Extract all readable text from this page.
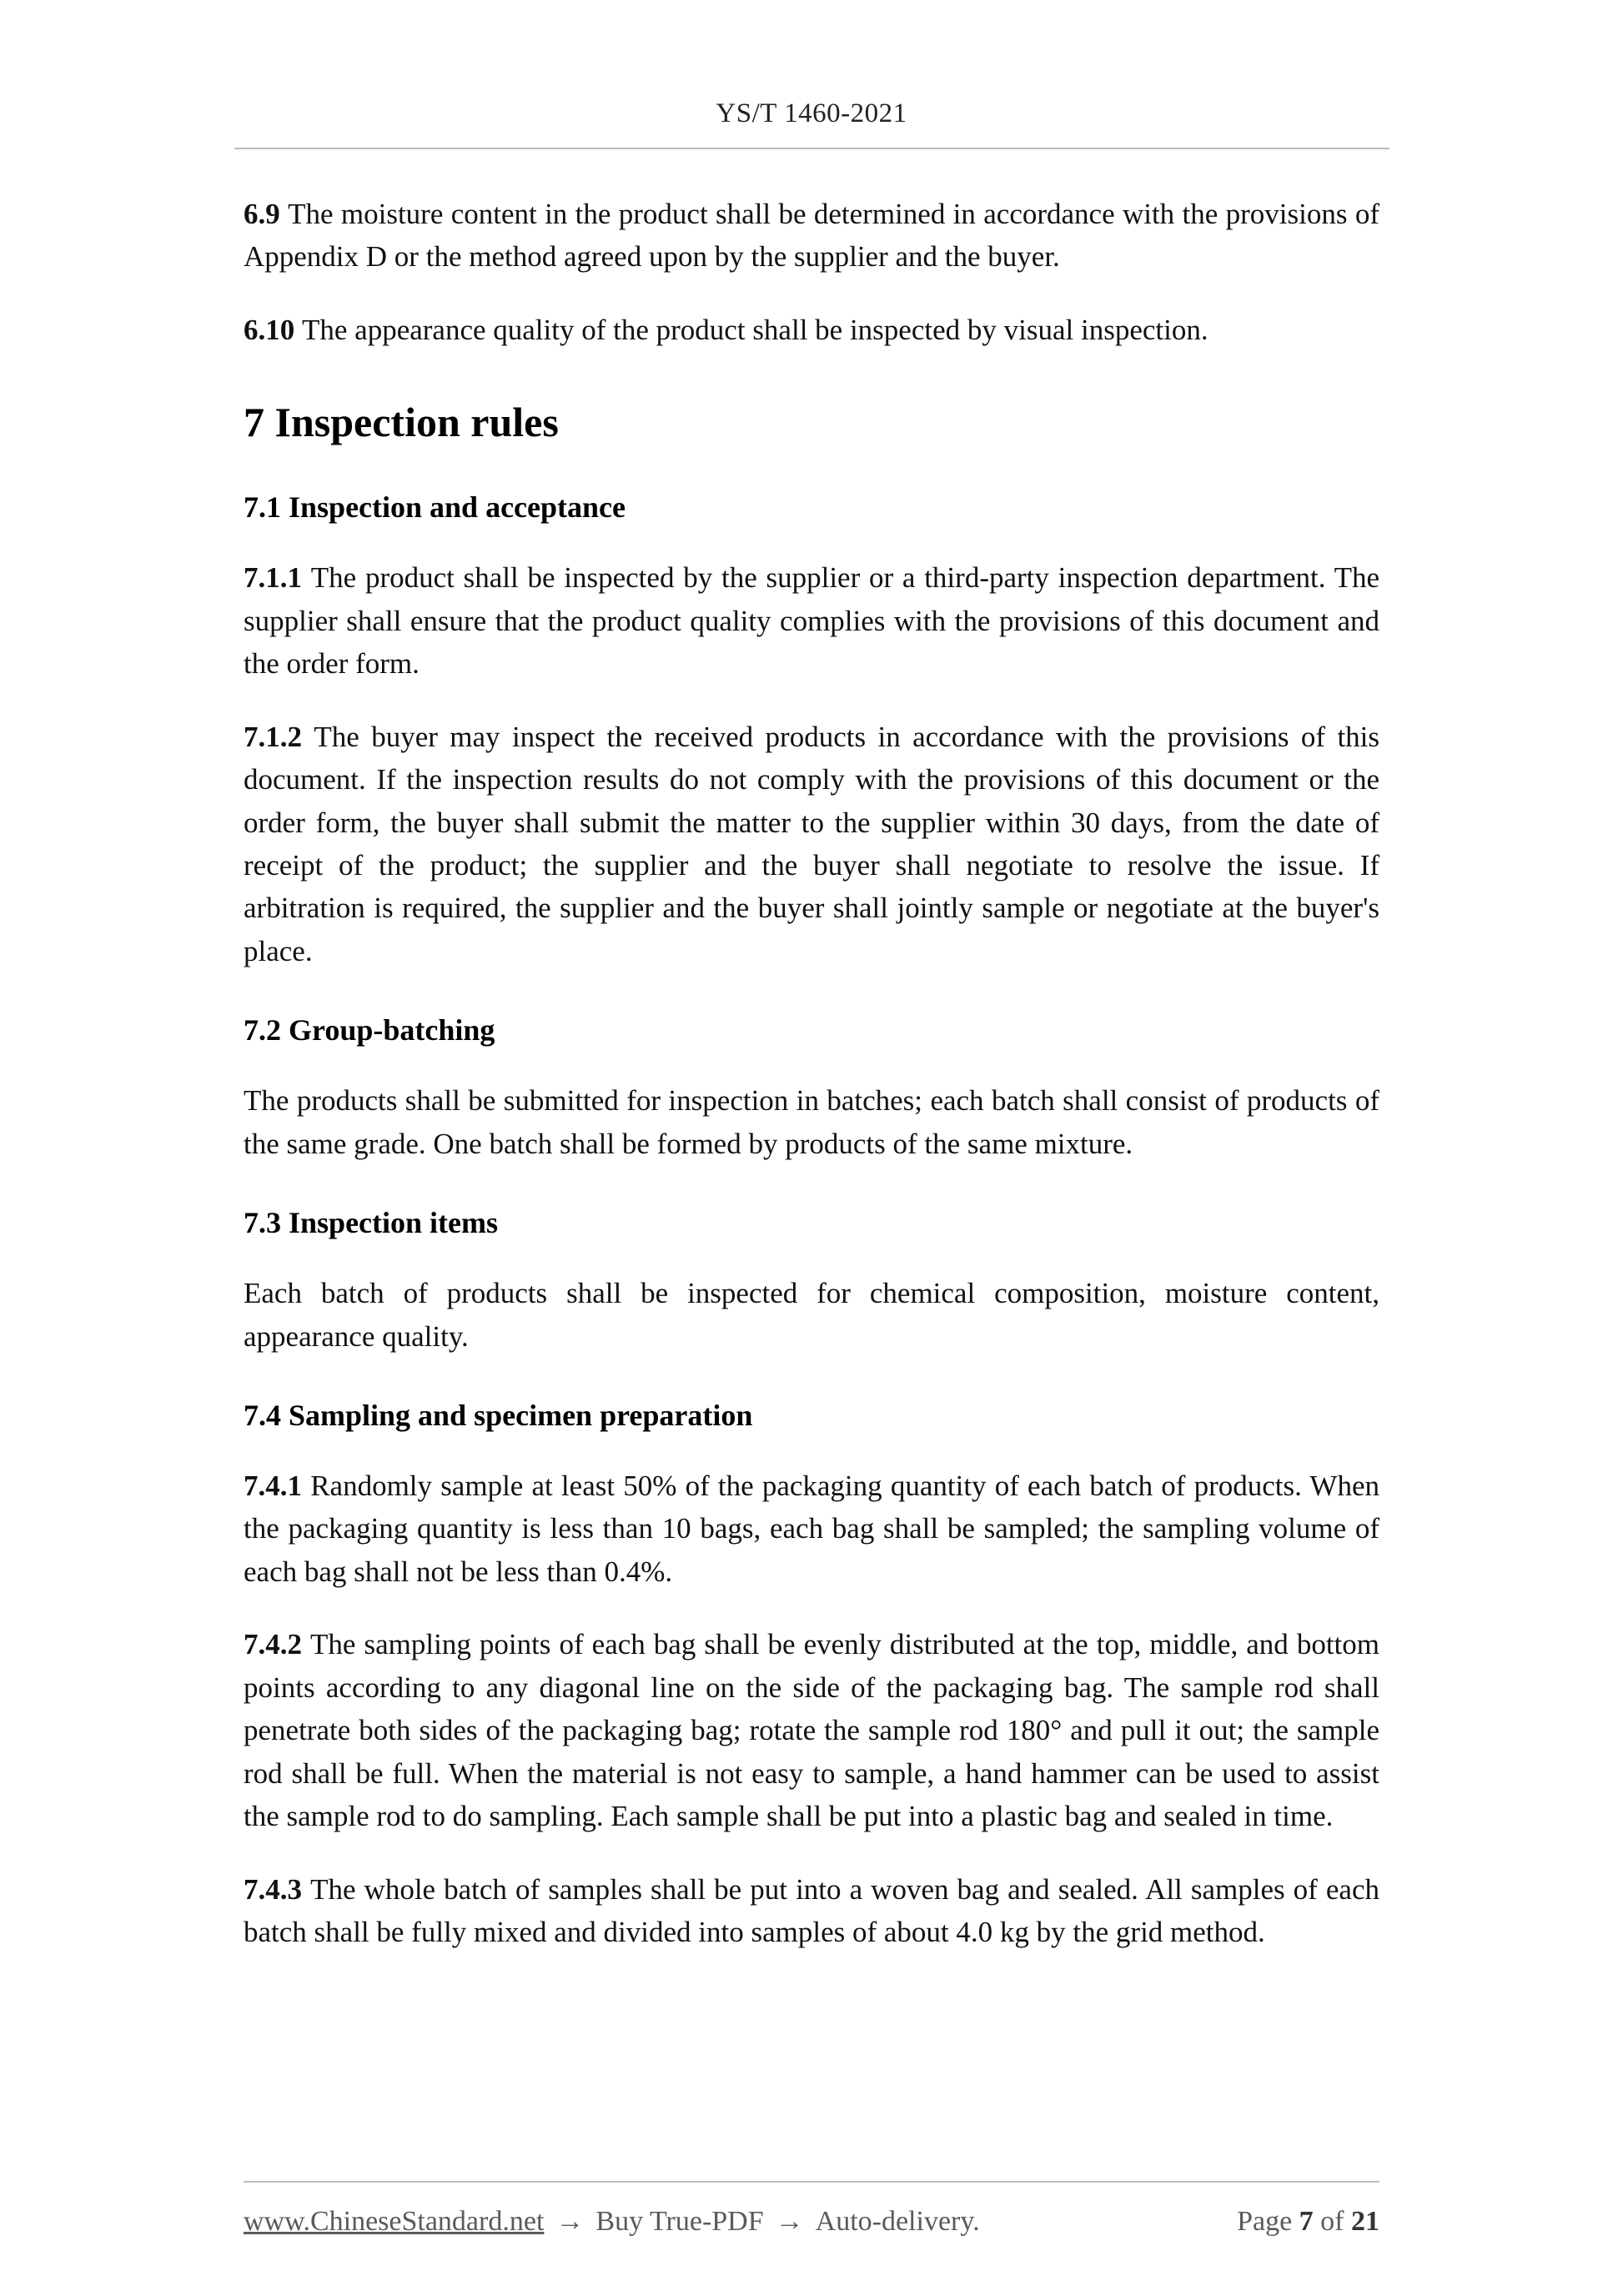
YS/T 1460-2021

6.9 The moisture content in the product shall be determined in accordance with the provisions of Appendix D or the method agreed upon by the supplier and the buyer.

6.10 The appearance quality of the product shall be inspected by visual inspection.

7 Inspection rules
7.1 Inspection and acceptance

7.1.1 The product shall be inspected by the supplier or a third-party inspection department. The supplier shall ensure that the product quality complies with the provisions of this document and the order form.

7.1.2 The buyer may inspect the received products in accordance with the provisions of this document. If the inspection results do not comply with the provisions of this document or the order form, the buyer shall submit the matter to the supplier within 30 days, from the date of receipt of the product; the supplier and the buyer shall negotiate to resolve the issue. If arbitration is required, the supplier and the buyer shall jointly sample or negotiate at the buyer's place.

7.2 Group-batching

The products shall be submitted for inspection in batches; each batch shall consist of products of the same grade. One batch shall be formed by products of the same mixture.

7.3 Inspection items

Each batch of products shall be inspected for chemical composition, moisture content, appearance quality.

7.4 Sampling and specimen preparation

7.4.1 Randomly sample at least 50% of the packaging quantity of each batch of products. When the packaging quantity is less than 10 bags, each bag shall be sampled; the sampling volume of each bag shall not be less than 0.4%.

7.4.2 The sampling points of each bag shall be evenly distributed at the top, middle, and bottom points according to any diagonal line on the side of the packaging bag. The sample rod shall penetrate both sides of the packaging bag; rotate the sample rod 180° and pull it out; the sample rod shall be full. When the material is not easy to sample, a hand hammer can be used to assist the sample rod to do sampling. Each sample shall be put into a plastic bag and sealed in time.

7.4.3 The whole batch of samples shall be put into a woven bag and sealed. All samples of each batch shall be fully mixed and divided into samples of about 4.0 kg by the grid method.

www.ChineseStandard.net → Buy True-PDF → Auto-delivery.	Page 7 of 21
